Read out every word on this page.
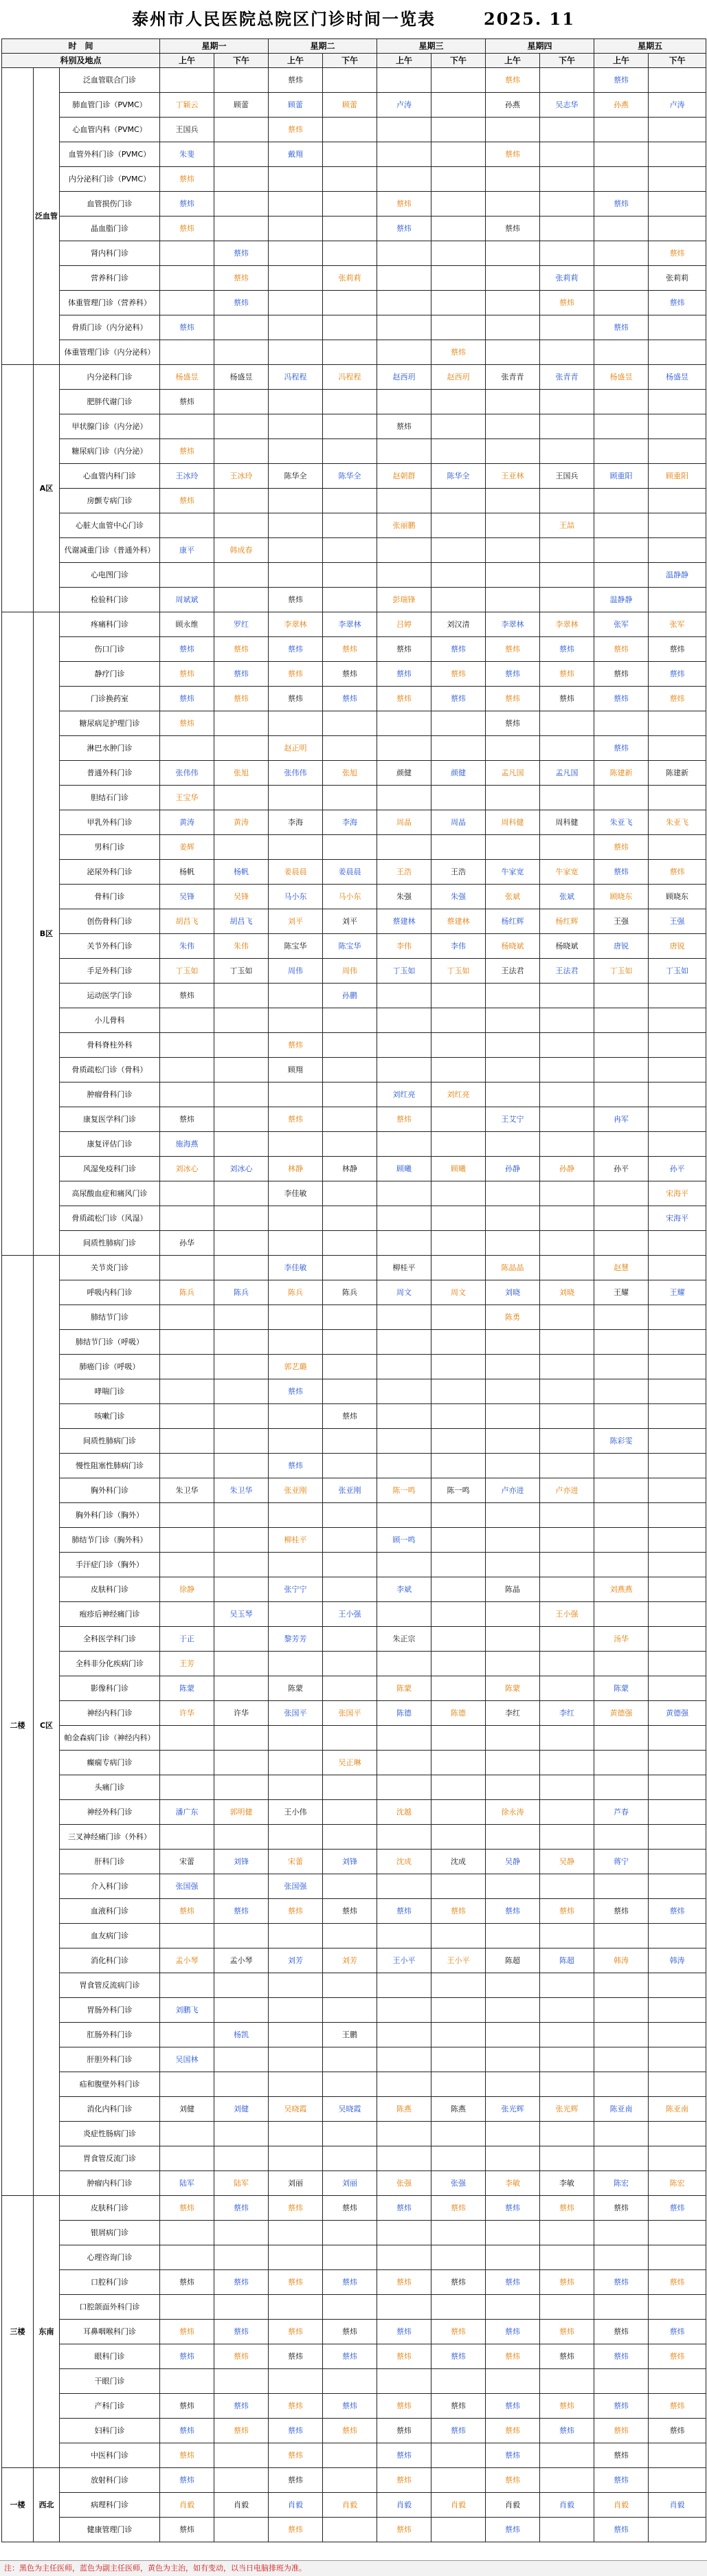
泰州市人民医院总院区门诊时间一览表	2025. 11
时　间			星期一		星期二		星期三		星期四		星期五	
科别及地点			上午	下午	上午	下午	上午	下午	上午	下午	上午	下午
	泛血管	泛血管联合门诊			蔡炜				蔡炜		蔡炜	
		肺血管门诊（PVMC）	丁颖云	顾蕾	顾蕾	顾蕾	卢涛		孙燕	吴志华	孙燕	卢涛
		心血管内科（PVMC）	王国兵		蔡炜							
		血管外科门诊（PVMC）	朱斐		戴翔				蔡炜			
		内分泌科门诊（PVMC）	蔡炜									
		血管损伤门诊	蔡炜				蔡炜				蔡炜	
		晶血脂门诊	蔡炜				蔡炜		蔡炜			
		肾内科门诊		蔡炜								蔡炜
		营养科门诊		蔡炜		张莉莉				张莉莉		张莉莉
		体重管理门诊（营养科）		蔡炜						蔡炜		蔡炜
		骨质门诊（内分泌科）	蔡炜								蔡炜	
		体重管理门诊（内分泌科）						蔡炜				
	A区	内分泌科门诊	杨盛昱	杨盛昱	冯程程	冯程程	赵西玥	赵西玥	张青青	张青青	杨盛昱	杨盛昱
		肥胖代谢门诊	蔡炜									
		甲状腺门诊（内分泌）					蔡炜					
		糖尿病门诊（内分泌）	蔡炜									
		心血管内科门诊	王冰玲	王冰玲	陈华全	陈华全	赵朝群	陈华全	王亚林	王国兵	顾重阳	顾重阳
		房颤专病门诊	蔡炜									
		心脏大血管中心门诊					张丽鹏			王喆		
		代谢减重门诊（普通外科）	康平	韩成春								
		心电图门诊										温静静
		检验科门诊	周斌斌		蔡炜		彭瑞锋				温静静	
	B区	疼痛科门诊	顾永维	罗红	李翠林	李翠林	吕婷	刘汉清	李翠林	李翠林	张军	张军
		伤口门诊	蔡炜	蔡炜	蔡炜	蔡炜	蔡炜	蔡炜	蔡炜	蔡炜	蔡炜	蔡炜
		静疗门诊	蔡炜	蔡炜	蔡炜	蔡炜	蔡炜	蔡炜	蔡炜	蔡炜	蔡炜	蔡炜
		门诊换药室	蔡炜	蔡炜	蔡炜	蔡炜	蔡炜	蔡炜	蔡炜	蔡炜	蔡炜	蔡炜
		糖尿病足护理门诊	蔡炜						蔡炜			
		淋巴水肿门诊			赵正明						蔡炜	
		普通外科门诊	张伟伟	张旭	张伟伟	张旭	颜健	颜健	孟凡国	孟凡国	陈建新	陈建新
		胆结石门诊	王宝华									
		甲乳外科门诊	黄涛	黄涛	李海	李海	周晶	周晶	周科健	周科健	朱亚飞	朱亚飞
		男科门诊	姜辉								蔡炜	
		泌尿外科门诊	杨帆	杨帆	姜晨晨	姜晨晨	王浩	王浩	牛家宽	牛家宽	蔡炜	蔡炜
		骨科门诊	吴锋	吴锋	马小东	马小东	朱强	朱强	张斌	张斌	顾晓东	顾晓东
		创伤骨科门诊	胡昌飞	胡昌飞	刘平	刘平	蔡建林	蔡建林	杨红辉	杨红辉	王强	王强
		关节外科门诊	朱伟	朱伟	陈宝华	陈宝华	李伟	李伟	杨晓斌	杨晓斌	唐锐	唐锐
		手足外科门诊	丁玉如	丁玉如	周伟	周伟	丁玉如	丁玉如	王法君	王法君	丁玉如	丁玉如
		运动医学门诊	蔡炜			孙鹏						
		小儿骨科										
		骨科脊柱外科			蔡炜							
		骨质疏松门诊（骨科）			顾翔							
		肿瘤骨科门诊					刘红亮	刘红亮				
		康复医学科门诊	蔡炜		蔡炜		蔡炜		王艾宁		冉军	
		康复评估门诊	施海燕									
		风湿免疫科门诊	刘冰心	刘冰心	林静	林静	顾曦	顾曦	孙静	孙静	孙平	孙平
		高尿酸血症和痛风门诊			李佳敏							宋海平
		骨质疏松门诊（风湿）										宋海平
		间质性肺病门诊	孙华									
二楼	C区	关节炎门诊			李佳敏		柳桂平		陈晶晶		赵慧	
		呼吸内科门诊	陈兵	陈兵	陈兵	陈兵	周文	周文	刘晓	刘晓	王耀	王耀
		肺结节门诊							陈勇			
		肺结节门诊（呼吸）										
		肺癌门诊（呼吸）			郭艺璐							
		哮喘门诊			蔡炜							
		咳嗽门诊				蔡炜						
		间质性肺病门诊									陈彩雯	
		慢性阻塞性肺病门诊			蔡炜							
		胸外科门诊	朱卫华	朱卫华	张亚刚	张亚刚	陈一鸣	陈一鸣	卢亦进	卢亦进		
		胸外科门诊（胸外）										
		肺结节门诊（胸外科）			柳桂平		顾一鸣					
		手汗症门诊（胸外）										
		皮肤科门诊	徐静		张宁宁		李斌		陈晶		刘燕燕	
		疱疹后神经痛门诊		吴玉琴		王小强				王小强		
		全科医学科门诊	于正		黎芳芳		朱正宗				汤华	
		全科非分化疾病门诊	王芳									
		影像科门诊	陈蒙		陈蒙		陈蒙		陈蒙		陈蒙	
		神经内科门诊	许华	许华	张国平	张国平	陈德	陈德	李红	李红	黄德强	黄德强
		帕金森病门诊（神经内科）										
		癫痫专病门诊				吴正琳						
		头痛门诊										
		神经外科门诊	潘广东	郭明健	王小伟		沈越		徐永涛		芦春	
		三叉神经痛门诊（外科）										
		肝科门诊	宋蕾	刘锋	宋蕾	刘锋	沈成	沈成	吴静	吴静	蒋宁	
		介入科门诊	张国强		张国强							
		血液科门诊	蔡炜	蔡炜	蔡炜	蔡炜	蔡炜	蔡炜	蔡炜	蔡炜	蔡炜	蔡炜
		血友病门诊										
		消化科门诊	孟小琴	孟小琴	刘芳	刘芳	王小平	王小平	陈超	陈超	韩涛	韩涛
		胃食管反流病门诊										
		胃肠外科门诊	刘鹏飞									
		肛肠外科门诊		杨凯		王鹏						
		肝胆外科门诊	吴国林									
		疝和腹壁外科门诊										
		消化内科门诊	刘健	刘健	吴晓霞	吴晓霞	陈燕	陈燕	张光辉	张光辉	陈亚南	陈亚南
		炎症性肠病门诊										
		胃食管反流门诊										
		肿瘤内科门诊	陆军	陆军	刘丽	刘丽	张强	张强	李敏	李敏	陈宏	陈宏
三楼	东南	皮肤科门诊	蔡炜	蔡炜	蔡炜	蔡炜	蔡炜	蔡炜	蔡炜	蔡炜	蔡炜	蔡炜
		银屑病门诊										
		心理咨询门诊										
		口腔科门诊	蔡炜	蔡炜	蔡炜	蔡炜	蔡炜	蔡炜	蔡炜	蔡炜	蔡炜	蔡炜
		口腔颌面外科门诊										
		耳鼻咽喉科门诊	蔡炜	蔡炜	蔡炜	蔡炜	蔡炜	蔡炜	蔡炜	蔡炜	蔡炜	蔡炜
		眼科门诊	蔡炜	蔡炜	蔡炜	蔡炜	蔡炜	蔡炜	蔡炜	蔡炜	蔡炜	蔡炜
		干眼门诊										
		产科门诊	蔡炜	蔡炜	蔡炜	蔡炜	蔡炜	蔡炜	蔡炜	蔡炜	蔡炜	蔡炜
		妇科门诊	蔡炜	蔡炜	蔡炜	蔡炜	蔡炜	蔡炜	蔡炜	蔡炜	蔡炜	蔡炜
		中医科门诊	蔡炜		蔡炜		蔡炜		蔡炜		蔡炜	
一楼	西北	放射科门诊	蔡炜		蔡炜		蔡炜		蔡炜		蔡炜	
		病理科门诊	肖毅	肖毅	肖毅	肖毅	肖毅	肖毅	肖毅	肖毅	肖毅	肖毅
		健康管理门诊	蔡炜		蔡炜		蔡炜		蔡炜		蔡炜	
注：黑色为主任医师，蓝色为副主任医师，黄色为主治，如有变动，以当日电脑排班为准。
